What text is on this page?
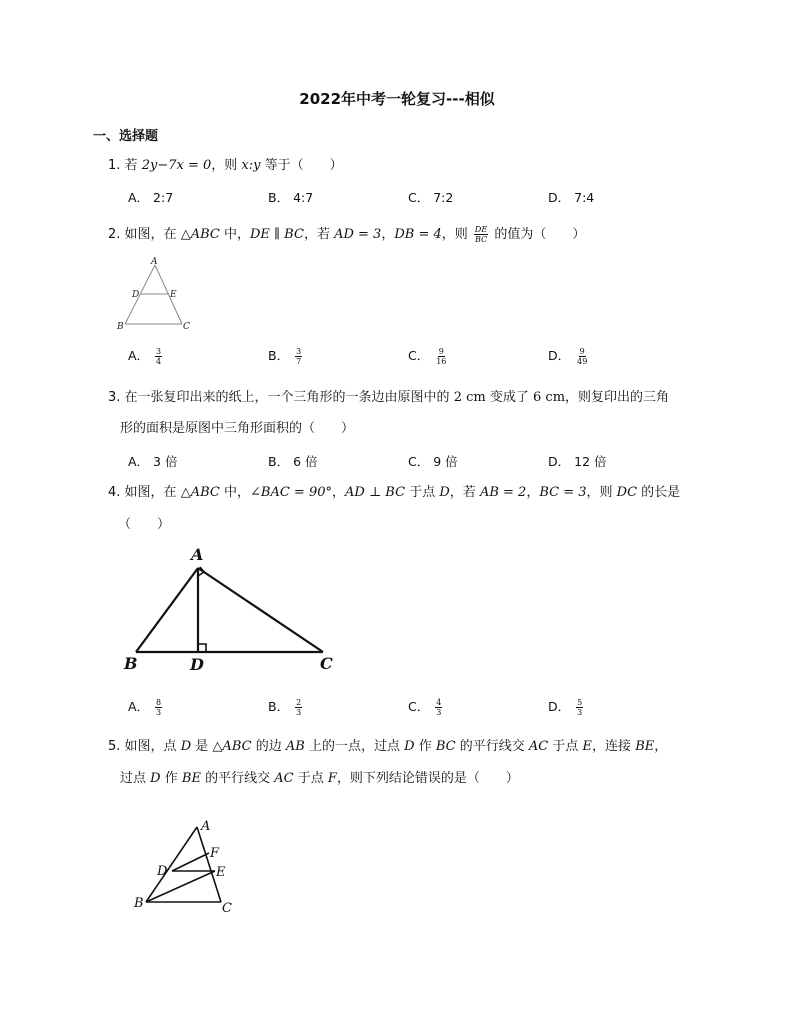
2022年中考一轮复习---相似
一、选择题
1. 若 2y−7x = 0，则 x:y 等于（　　）
A． 2:7	B． 4:7	C． 7:2	D． 7:4
2. 如图，在 △ABC 中，DE ∥ BC，若 AD = 3，DB = 4，则 $\frac{DE}{BC}$ 的值为（　　）
A
D	E
B	C
A． $\frac{3}{4}$	B． $\frac{3}{7}$	C． $\frac{9}{16}$	D． $\frac{9}{49}$
3. 在一张复印出来的纸上，一个三角形的一条边由原图中的 2 cm 变成了 6 cm，则复印出的三角
形的面积是原图中三角形面积的（　　）
A． 3 倍	B． 6 倍	C． 9 倍	D． 12 倍
4. 如图，在 △ABC 中，∠BAC = 90°，AD ⊥ BC 于点 D，若 AB = 2，BC = 3，则 DC 的长是
（　　）
A
B	D	C
A． $\frac{8}{3}$	B． $\frac{2}{3}$	C． $\frac{4}{3}$	D． $\frac{5}{3}$
5. 如图，点 D 是 △ABC 的边 AB 上的一点，过点 D 作 BC 的平行线交 AC 于点 E，连接 BE，
过点 D 作 BE 的平行线交 AC 于点 F，则下列结论错误的是（　　）
A
F
D	E
B	C
